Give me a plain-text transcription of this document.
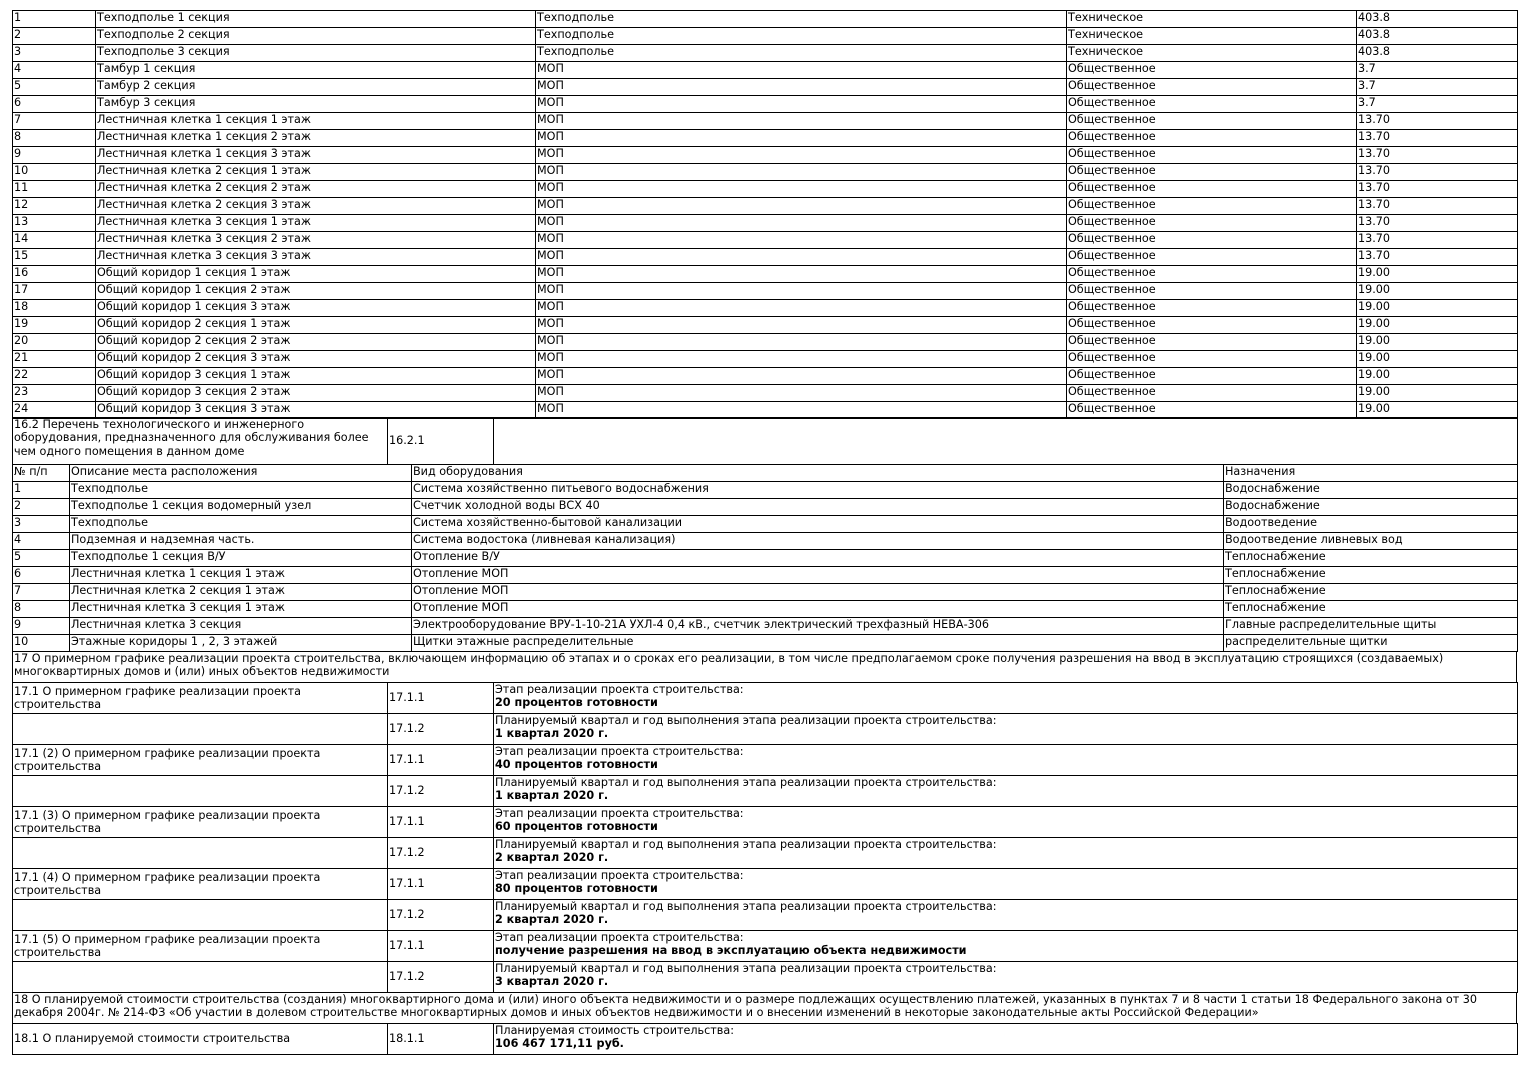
1	Техподполье 1 секция	Техподполье	Техническое	403.8
2	Техподполье 2 секция	Техподполье	Техническое	403.8
3	Техподполье 3 секция	Техподполье	Техническое	403.8
4	Тамбур 1 секция	МОП	Общественное	3.7
5	Тамбур 2 секция	МОП	Общественное	3.7
6	Тамбур 3 секция	МОП	Общественное	3.7
7	Лестничная клетка 1 секция 1 этаж	МОП	Общественное	13.70
8	Лестничная клетка 1 секция 2 этаж	МОП	Общественное	13.70
9	Лестничная клетка 1 секция 3 этаж	МОП	Общественное	13.70
10	Лестничная клетка 2 секция 1 этаж	МОП	Общественное	13.70
11	Лестничная клетка 2 секция 2 этаж	МОП	Общественное	13.70
12	Лестничная клетка 2 секция 3 этаж	МОП	Общественное	13.70
13	Лестничная клетка 3 секция 1 этаж	МОП	Общественное	13.70
14	Лестничная клетка 3 секция 2 этаж	МОП	Общественное	13.70
15	Лестничная клетка 3 секция 3 этаж	МОП	Общественное	13.70
16	Общий коридор 1 секция 1 этаж	МОП	Общественное	19.00
17	Общий коридор 1 секция 2 этаж	МОП	Общественное	19.00
18	Общий коридор 1 секция 3 этаж	МОП	Общественное	19.00
19	Общий коридор 2 секция 1 этаж	МОП	Общественное	19.00
20	Общий коридор 2 секция 2 этаж	МОП	Общественное	19.00
21	Общий коридор 2 секция 3 этаж	МОП	Общественное	19.00
22	Общий коридор 3 секция 1 этаж	МОП	Общественное	19.00
23	Общий коридор 3 секция 2 этаж	МОП	Общественное	19.00
24	Общий коридор 3 секция 3 этаж	МОП	Общественное	19.00
16.2 Перечень технологического и инженерного оборудования, предназначенного для обслуживания более чем одного помещения в данном доме	16.2.1	
№ п/п	Описание места расположения	Вид оборудования	Назначения
1	Техподполье	Система хозяйственно питьевого водоснабжения	Водоснабжение
2	Техподполье 1 секция водомерный узел	Счетчик холодной воды ВСХ 40	Водоснабжение
3	Техподполье	Система хозяйственно-бытовой канализации	Водоотведение
4	Подземная и надземная часть.	Система водостока (ливневая канализация)	Водоотведение ливневых вод
5	Техподполье 1 секция В/У	Отопление В/У	Теплоснабжение
6	Лестничная клетка 1 секция 1 этаж	Отопление МОП	Теплоснабжение
7	Лестничная клетка 2 секция 1 этаж	Отопление МОП	Теплоснабжение
8	Лестничная клетка 3 секция 1 этаж	Отопление МОП	Теплоснабжение
9	Лестничная клетка 3 секция	Электрооборудование ВРУ-1-10-21А УХЛ-4 0,4 кВ., счетчик электрический трехфазный НЕВА-306	Главные распределительные щиты
10	Этажные коридоры 1 , 2, 3 этажей	Щитки этажные распределительные	распределительные щитки
17 О примерном графике реализации проекта строительства, включающем информацию об этапах и о сроках его реализации, в том числе предполагаемом сроке получения разрешения на ввод в эксплуатацию строящихся (создаваемых) многоквартирных домов и (или) иных объектов недвижимости
17.1 О примерном графике реализации проекта строительства	17.1.1	Этап реализации проекта строительства:
20 процентов готовности
	17.1.2	Планируемый квартал и год выполнения этапа реализации проекта строительства:
1 квартал 2020 г.
17.1 (2) О примерном графике реализации проекта строительства	17.1.1	Этап реализации проекта строительства:
40 процентов готовности
	17.1.2	Планируемый квартал и год выполнения этапа реализации проекта строительства:
1 квартал 2020 г.
17.1 (3) О примерном графике реализации проекта строительства	17.1.1	Этап реализации проекта строительства:
60 процентов готовности
	17.1.2	Планируемый квартал и год выполнения этапа реализации проекта строительства:
2 квартал 2020 г.
17.1 (4) О примерном графике реализации проекта строительства	17.1.1	Этап реализации проекта строительства:
80 процентов готовности
	17.1.2	Планируемый квартал и год выполнения этапа реализации проекта строительства:
2 квартал 2020 г.
17.1 (5) О примерном графике реализации проекта строительства	17.1.1	Этап реализации проекта строительства:
получение разрешения на ввод в эксплуатацию объекта недвижимости
	17.1.2	Планируемый квартал и год выполнения этапа реализации проекта строительства:
3 квартал 2020 г.
18 О планируемой стоимости строительства (создания) многоквартирного дома и (или) иного объекта недвижимости и о размере подлежащих осуществлению платежей, указанных в пунктах 7 и 8 части 1 статьи 18 Федерального закона от 30 декабря 2004г. № 214-ФЗ «Об участии в долевом строительстве многоквартирных домов и иных объектов недвижимости и о внесении изменений в некоторые законодательные акты Российской Федерации»
18.1 О планируемой стоимости строительства	18.1.1	
Планируемая стоимость строительства:
106 467 171,11 руб.
